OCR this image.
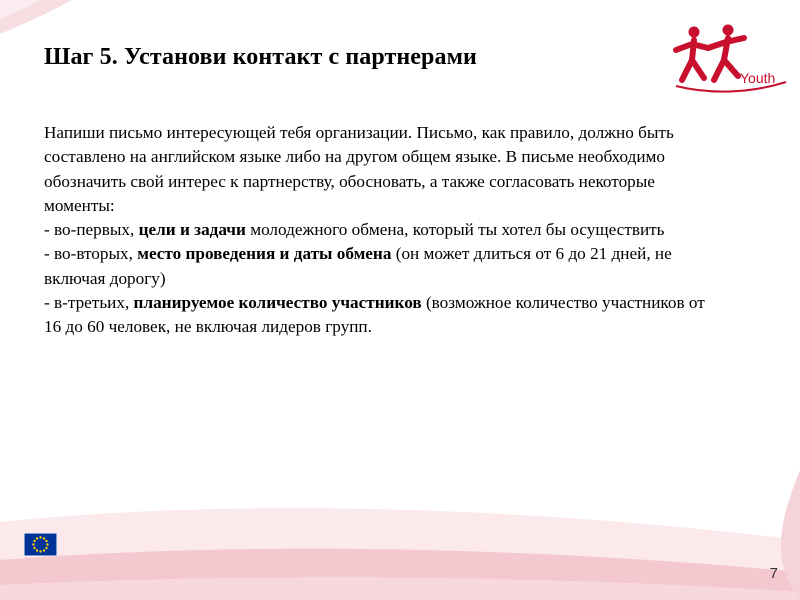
Шаг 5. Установи контакт с партнерами

Напиши письмо интересующей тебя организации. Письмо, как правило, должно быть составлено на английском языке либо на другом общем языке. В письме необходимо обозначить свой интерес к партнерству, обосновать, а также согласовать некоторые моменты:

- во-первых, цели и задачи молодежного обмена, который ты хотел бы осуществить

- во-вторых, место проведения и даты обмена (он может длиться от 6 до 21 дней, не включая дорогу)

- в-третьих, планируемое количество участников (возможное количество участников от 16 до 60 человек, не включая лидеров групп.

Youth
7
